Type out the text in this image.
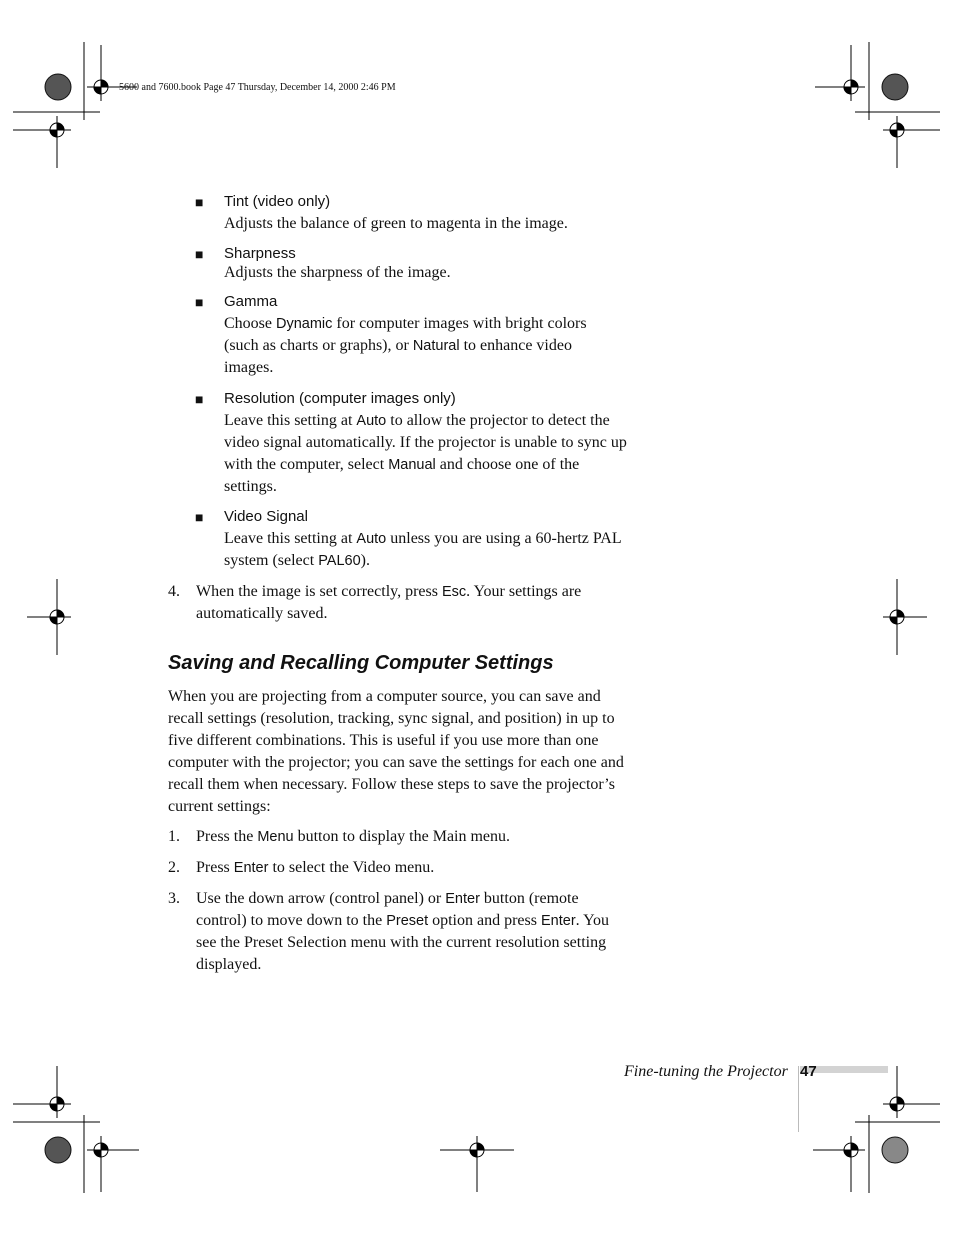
5600 and 7600.book Page 47 Thursday, December 14, 2000 2:46 PM
■ Tint (video only)
Adjusts the balance of green to magenta in the image.
■ Sharpness
Adjusts the sharpness of the image.
■ Gamma
Choose Dynamic for computer images with bright colors (such as charts or graphs), or Natural to enhance video images.
■ Resolution (computer images only)
Leave this setting at Auto to allow the projector to detect the video signal automatically. If the projector is unable to sync up with the computer, select Manual and choose one of the settings.
■ Video Signal
Leave this setting at Auto unless you are using a 60-hertz PAL system (select PAL60).
4. When the image is set correctly, press Esc. Your settings are automatically saved.
Saving and Recalling Computer Settings
When you are projecting from a computer source, you can save and recall settings (resolution, tracking, sync signal, and position) in up to five different combinations. This is useful if you use more than one computer with the projector; you can save the settings for each one and recall them when necessary. Follow these steps to save the projector’s current settings:
1. Press the Menu button to display the Main menu.
2. Press Enter to select the Video menu.
3. Use the down arrow (control panel) or Enter button (remote control) to move down to the Preset option and press Enter. You see the Preset Selection menu with the current resolution setting displayed.
Fine-tuning the Projector 47
